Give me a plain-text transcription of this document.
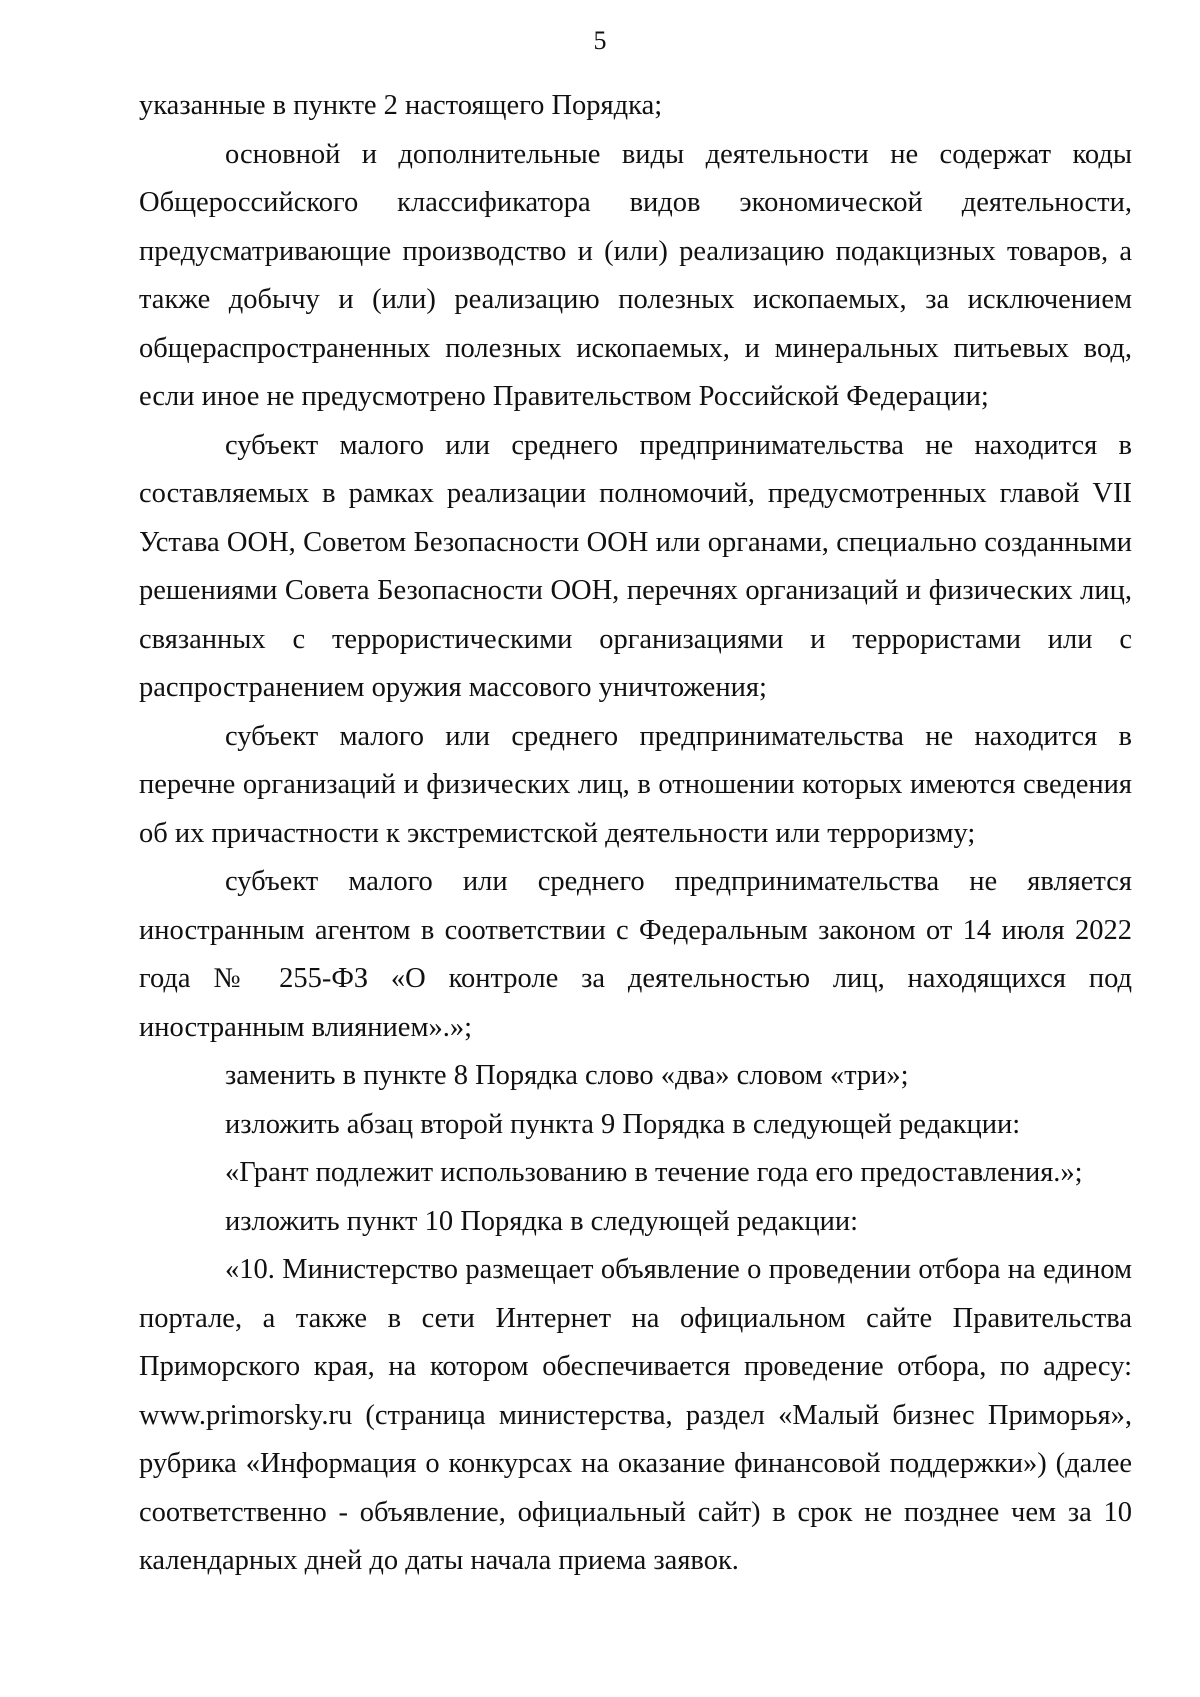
5

указанные в пункте 2 настоящего Порядка;

основной и дополнительные виды деятельности не содержат коды Общероссийского классификатора видов экономической деятельности, предусматривающие производство и (или) реализацию подакцизных товаров, а также добычу и (или) реализацию полезных ископаемых, за исключением общераспространенных полезных ископаемых, и минеральных питьевых вод, если иное не предусмотрено Правительством Российской Федерации;

субъект малого или среднего предпринимательства не находится в составляемых в рамках реализации полномочий, предусмотренных главой VII Устава ООН, Советом Безопасности ООН или органами, специально созданными решениями Совета Безопасности ООН, перечнях организаций и физических лиц, связанных с террористическими организациями и террористами или с распространением оружия массового уничтожения;

субъект малого или среднего предпринимательства не находится в перечне организаций и физических лиц, в отношении которых имеются сведения об их причастности к экстремистской деятельности или терроризму;

субъект малого или среднего предпринимательства не является иностранным агентом в соответствии с Федеральным законом от 14 июля 2022 года № 255-ФЗ «О контроле за деятельностью лиц, находящихся под иностранным влиянием».»;

заменить в пункте 8 Порядка слово «два» словом «три»;

изложить абзац второй пункта 9 Порядка в следующей редакции:

«Грант подлежит использованию в течение года его предоставления.»;

изложить пункт 10 Порядка в следующей редакции:

«10. Министерство размещает объявление о проведении отбора на едином портале, а также в сети Интернет на официальном сайте Правительства Приморского края, на котором обеспечивается проведение отбора, по адресу: www.primorsky.ru (страница министерства, раздел «Малый бизнес Приморья», рубрика «Информация о конкурсах на оказание финансовой поддержки») (далее соответственно - объявление, официальный сайт) в срок не позднее чем за 10 календарных дней до даты начала приема заявок.
